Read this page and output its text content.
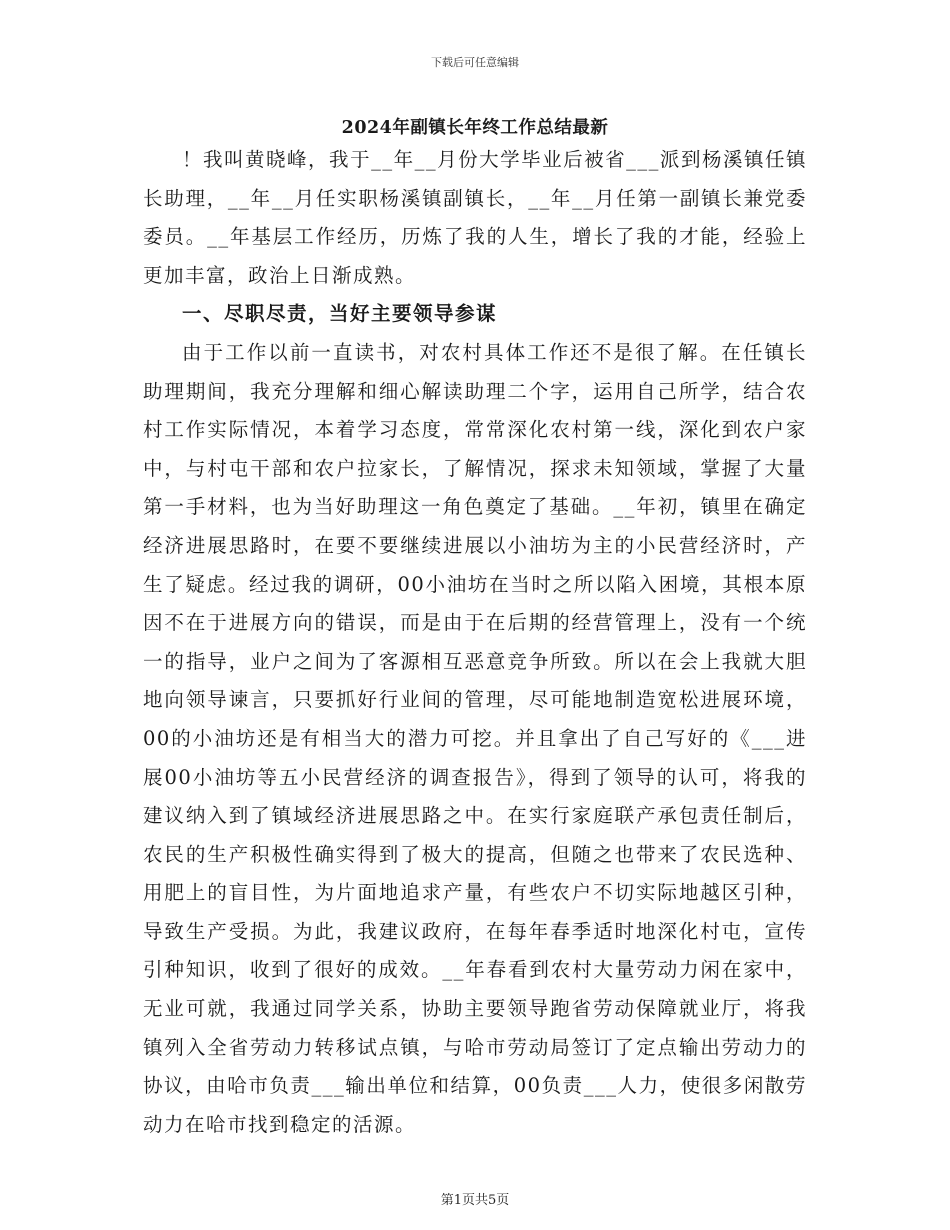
下载后可任意编辑
2024年副镇长年终工作总结最新

！我叫黄晓峰，我于__年__月份大学毕业后被省___派到杨溪镇任镇长助理，__年__月任实职杨溪镇副镇长，__年__月任第一副镇长兼党委委员。__年基层工作经历，历炼了我的人生，增长了我的才能，经验上更加丰富，政治上日渐成熟。

一、尽职尽责，当好主要领导参谋

由于工作以前一直读书，对农村具体工作还不是很了解。在任镇长助理期间，我充分理解和细心解读助理二个字，运用自己所学，结合农村工作实际情况，本着学习态度，常常深化农村第一线，深化到农户家中，与村屯干部和农户拉家长，了解情况，探求未知领域，掌握了大量第一手材料，也为当好助理这一角色奠定了基础。__年初，镇里在确定经济进展思路时，在要不要继续进展以小油坊为主的小民营经济时，产生了疑虑。经过我的调研，00小油坊在当时之所以陷入困境，其根本原因不在于进展方向的错误，而是由于在后期的经营管理上，没有一个统一的指导，业户之间为了客源相互恶意竞争所致。所以在会上我就大胆地向领导谏言，只要抓好行业间的管理，尽可能地制造宽松进展环境，00的小油坊还是有相当大的潜力可挖。并且拿出了自己写好的《___进展00小油坊等五小民营经济的调查报告》，得到了领导的认可，将我的建议纳入到了镇域经济进展思路之中。在实行家庭联产承包责任制后，农民的生产积极性确实得到了极大的提高，但随之也带来了农民选种、用肥上的盲目性，为片面地追求产量，有些农户不切实际地越区引种，导致生产受损。为此，我建议政府，在每年春季适时地深化村屯，宣传引种知识，收到了很好的成效。__年春看到农村大量劳动力闲在家中，无业可就，我通过同学关系，协助主要领导跑省劳动保障就业厅，将我镇列入全省劳动力转移试点镇，与哈市劳动局签订了定点输出劳动力的协议，由哈市负责___输出单位和结算，00负责___人力，使很多闲散劳动力在哈市找到稳定的活源。

第1页共5页
